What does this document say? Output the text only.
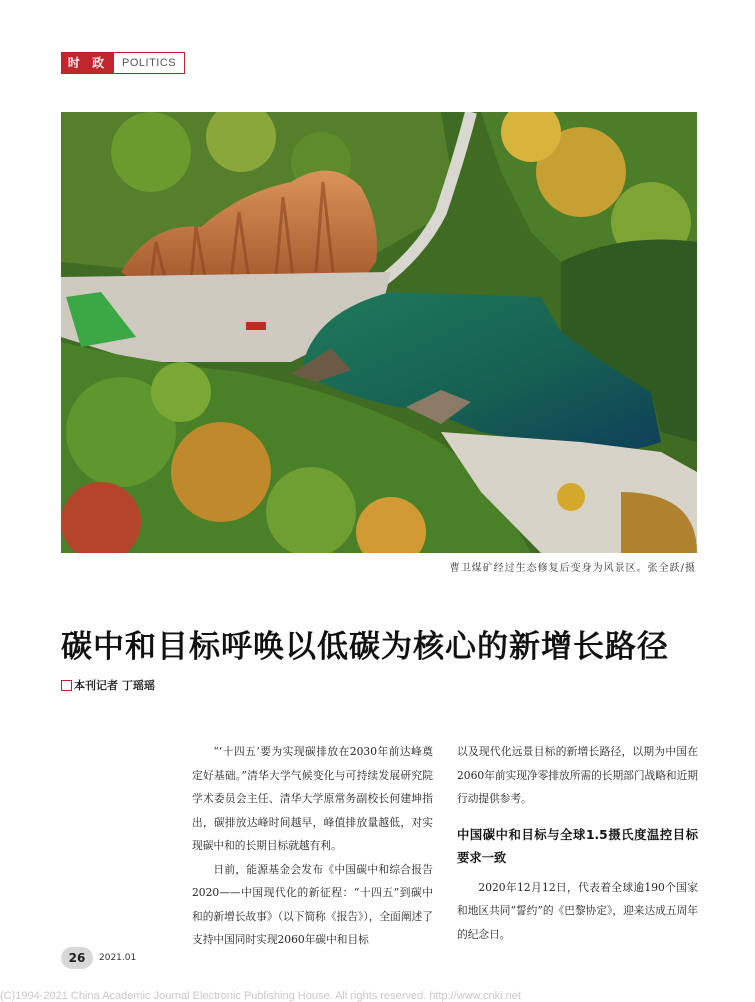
时 政	POLITICS
曹卫煤矿经过生态修复后变身为风景区。张全跃/摄
碳中和目标呼唤以低碳为核心的新增长路径
本刊记者 丁瑶瑶

“‘十四五’要为实现碳排放在2030年前达峰奠定好基础。”清华大学气候变化与可持续发展研究院学术委员会主任、清华大学原常务副校长何建坤指出，碳排放达峰时间越早，峰值排放量越低，对实现碳中和的长期目标就越有利。

日前，能源基金会发布《中国碳中和综合报告2020——中国现代化的新征程：“十四五”到碳中和的新增长故事》（以下简称《报告》），全面阐述了支持中国同时实现2060年碳中和目标

以及现代化远景目标的新增长路径，以期为中国在2060年前实现净零排放所需的长期部门战略和近期行动提供参考。

中国碳中和目标与全球1.5摄氏度温控目标要求一致

2020年12月12日，代表着全球逾190个国家和地区共同“誓约”的《巴黎协定》，迎来达成五周年的纪念日。

26	2021.01
(C)1994-2021 China Academic Journal Electronic Publishing House. All rights reserved. http://www.cnki.net
